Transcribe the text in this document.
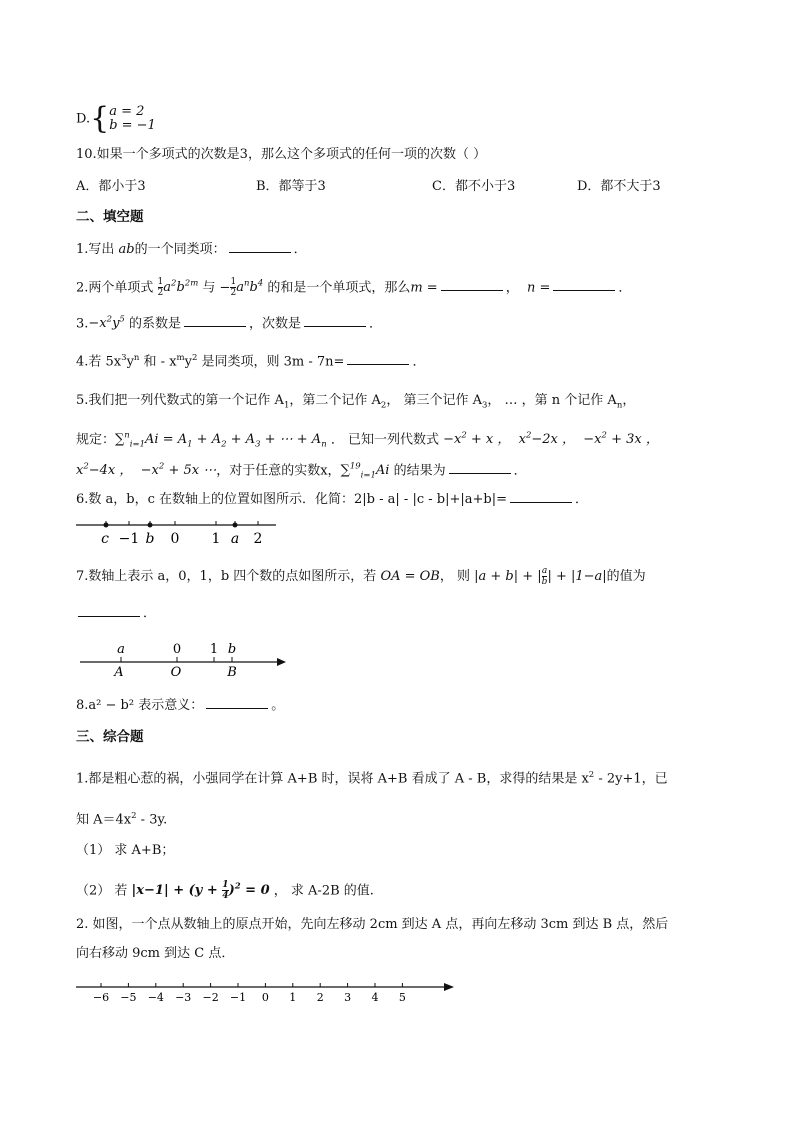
D.{a = 2
b = −1
10.如果一个多项式的次数是3，那么这个多项式的任何一项的次数（ ）
A．都小于3	B．都等于3	C．都不小于3	D．都不大于3
二、填空题
1.写出 ab的一个同类项：	．
2.两个单项式 $\frac{1}{2} a^2b^{2m}$ 与 − $\frac{1}{2} a^nb^4$ 的和是一个单项式，那么m =	， n =	．
$3.-x^2y^5$ 的系数是	，次数是	．
4.若 $5x^3y^n$ 和 - $x^my^2$ 是同类项，则 3m - 7n=	．
5.我们把一列代数式的第一个记作 $A_1$，第二个记作 $A_2$， 第三个记作 $A_3$， … ，第 n 个记作 $A_n$，
规定：$\sum^n_{i=1}Ai = A_1 + A_2 + A_3$ + ⋯ + $A_n$ ． 已知一列代数式 $-x^2 + x$ ，  $x^2-2x$ ，  $-x^2 + 3x$ ，
$x^2-4x$ ，  $-x^2 + 5x$ ⋯，对于任意的实数x，∑$^{19}_{i=1}$Ai 的结果为	．
6.数 a，b，c 在数轴上的位置如图所示．化简：2|b - a| - |c - b|+|a+b|=	．
c −1 b 0 1 a 2
7.数轴上表示 a，0，1，b 四个数的点如图所示，若 OA = OB， 则 |a + b| + | $\frac{a}{b}$ | + |1−a|的值为
．
a	0 1 b
A	O	B
8.a² − b² 表示意义：	。
三、综合题
1.都是粗心惹的祸，小强同学在计算 A+B 时，误将 A+B 看成了 A - B，求得的结果是 $x^2 - 2y+1$，已
知 $A=4x^2 - 3y$.
（1） 求 A+B；
（2） 若 $|x-1| + (y + \frac{1}{4} )^2 = 0$ ， 求 A-2B 的值.
2. 如图，一个点从数轴上的原点开始，先向左移动 2cm 到达 A 点，再向左移动 3cm 到达 B 点，然后
向右移动 9cm 到达 C 点．
−6 −5 −4 −3 −2 −1 0 1 2 3 4 5
